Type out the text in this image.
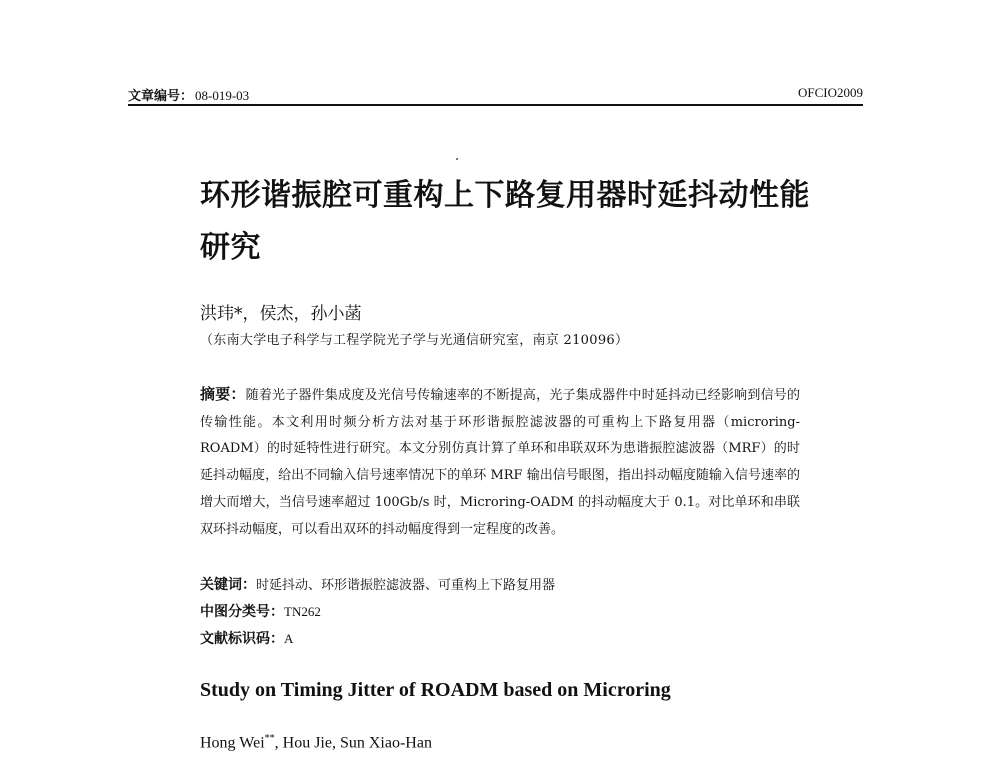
文章编号： 08-019-03	OFCIO2009
环形谐振腔可重构上下路复用器时延抖动性能研究
洪玮*，侯杰，孙小菡
（东南大学电子科学与工程学院光子学与光通信研究室，南京 210096）
摘要：随着光子器件集成度及光信号传输速率的不断提高，光子集成器件中时延抖动已经影响到信号的传输性能。本文利用时频分析方法对基于环形谐振腔滤波器的可重构上下路复用器（microring-ROADM）的时延特性进行研究。本文分别仿真计算了单环和串联双环为患谐振腔滤波器（MRF）的时延抖动幅度，给出不同输入信号速率情况下的单环 MRF 输出信号眼图，指出抖动幅度随输入信号速率的增大而增大，当信号速率超过 100Gb/s 时，Microring-OADM 的抖动幅度大于 0.1。对比单环和串联双环抖动幅度，可以看出双环的抖动幅度得到一定程度的改善。
关键词：时延抖动、环形谐振腔滤波器、可重构上下路复用器
中图分类号：TN262
文献标识码：A
Study on Timing Jitter of ROADM based on Microring
Hong Wei**, Hou Jie, Sun Xiao-Han
